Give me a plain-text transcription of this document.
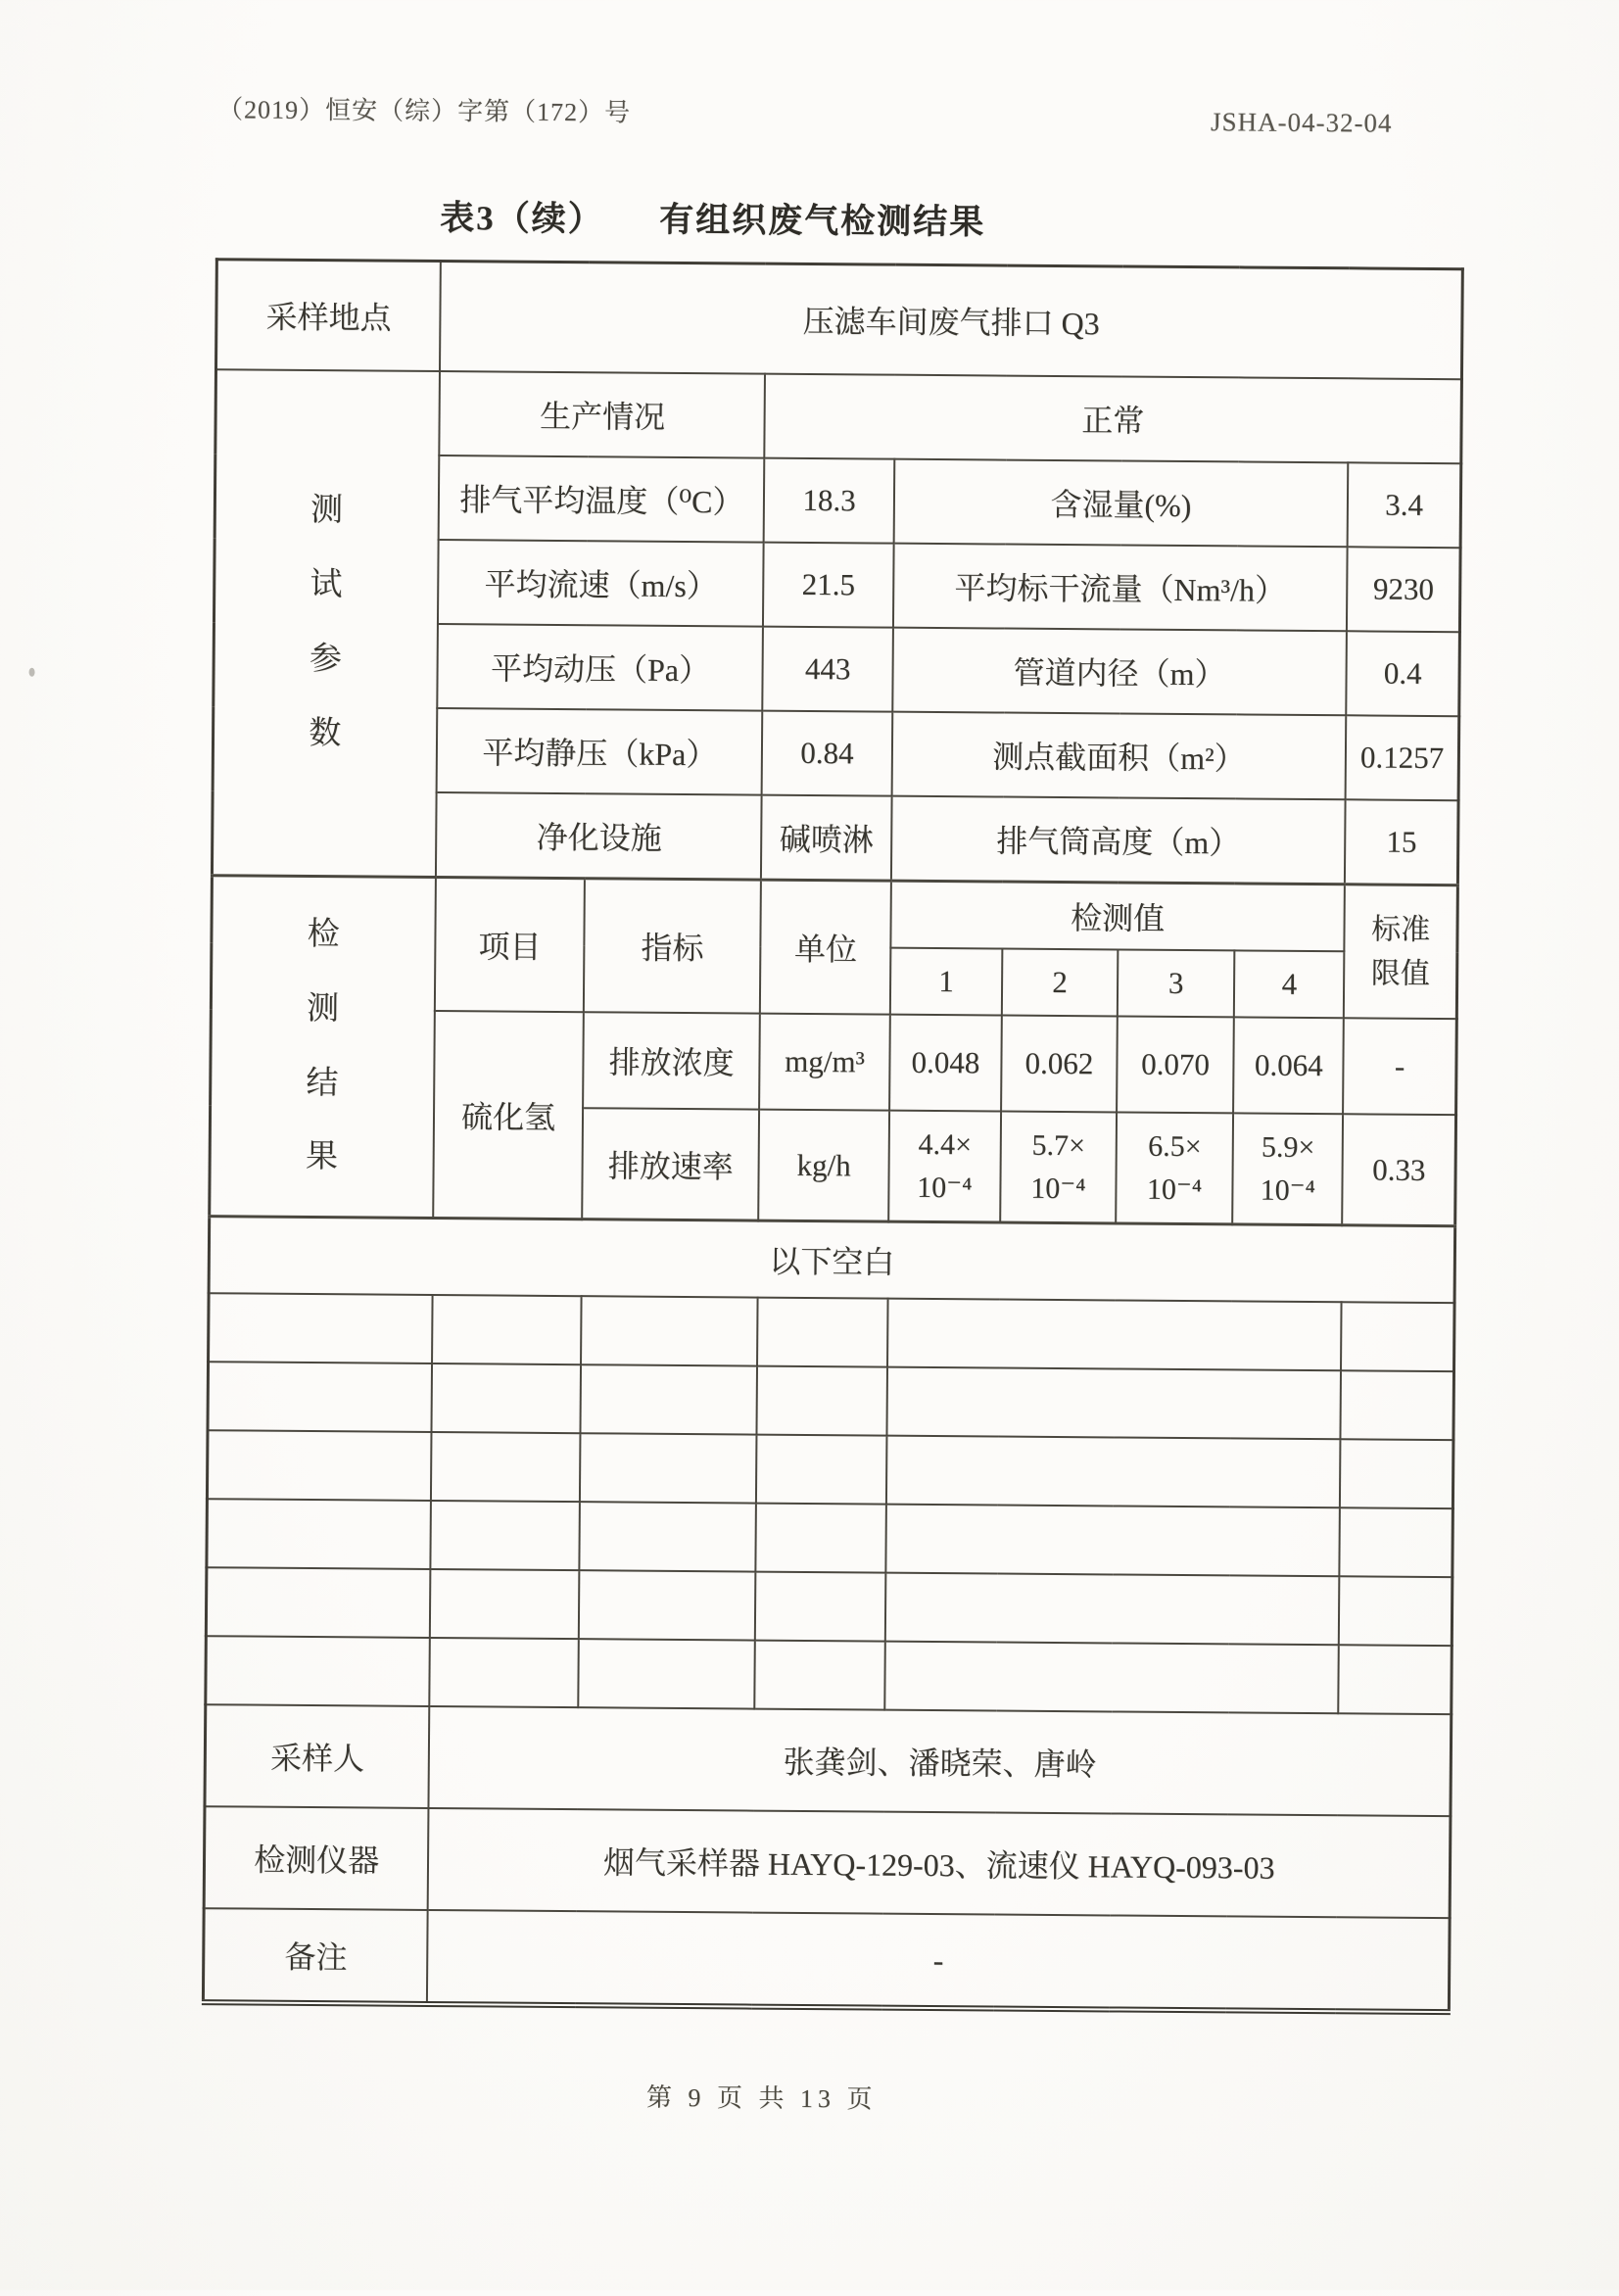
（2019）恒安（综）字第（172）号	JSHA-04-32-04
表3（续）　　有组织废气检测结果
采样地点	压滤车间废气排口 Q3							
测
试
参
数	生产情况		正常					
	排气平均温度（⁰C）		18.3	含湿量(%)				3.4
	平均流速（m/s）		21.5	平均标干流量（Nm³/h）				9230
	平均动压（Pa）		443	管道内径（m）				0.4
	平均静压（kPa）		0.84	测点截面积（m²）				0.1257
	净化设施		碱喷淋	排气筒高度（m）				15
检
测
结
果	项目	指标	单位	检测值				标准
限值
				1	2	3	4	
	硫化氢	排放浓度	mg/m³	0.048	0.062	0.070	0.064	-
		排放速率	kg/h	4.4×
10⁻⁴	5.7×
10⁻⁴	6.5×
10⁻⁴	5.9×
10⁻⁴	0.33
以下空白								

采样人	张龚剑、潘晓荣、唐岭							
检测仪器	烟气采样器 HAYQ-129-03、流速仪 HAYQ-093-03							
备注	-							
第 9 页 共 13 页
